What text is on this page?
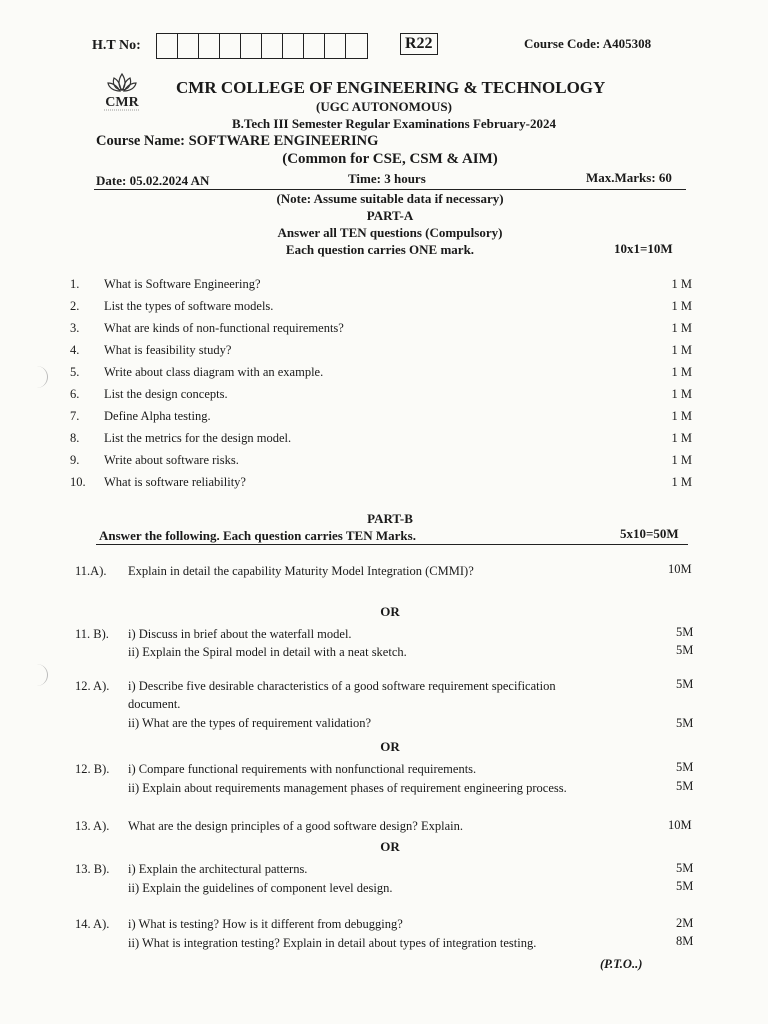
H.T No:	R22	Course Code: A405308
CMR
CMR COLLEGE OF ENGINEERING & TECHNOLOGY
(UGC AUTONOMOUS)
B.Tech III Semester Regular Examinations February-2024
Course Name: SOFTWARE ENGINEERING
(Common for CSE, CSM & AIM)
Date: 05.02.2024 AN	Time: 3 hours	Max.Marks: 60
(Note: Assume suitable data if necessary)
PART-A
Answer all TEN questions (Compulsory)
Each question carries ONE mark.	10x1=10M
1. What is Software Engineering?	1 M
2. List the types of software models.	1 M
3. What are kinds of non-functional requirements?	1 M
4. What is feasibility study?	1 M
5. Write about class diagram with an example.	1 M
6. List the design concepts.	1 M
7. Define Alpha testing.	1 M
8. List the metrics for the design model.	1 M
9. Write about software risks.	1 M
10. What is software reliability?	1 M
PART-B
Answer the following. Each question carries TEN Marks.	5x10=50M
11.A). Explain in detail the capability Maturity Model Integration (CMMI)?	10M
OR
11. B). i) Discuss in brief about the waterfall model.	5M
ii) Explain the Spiral model in detail with a neat sketch.	5M
12. A). i) Describe five desirable characteristics of a good software requirement specification	5M
document.
ii) What are the types of requirement validation?	5M
OR
12. B). i) Compare functional requirements with nonfunctional requirements.	5M
ii) Explain about requirements management phases of requirement engineering process.	5M
13. A). What are the design principles of a good software design? Explain.	10M
OR
13. B). i) Explain the architectural patterns.	5M
ii) Explain the guidelines of component level design.	5M
14. A). i) What is testing? How is it different from debugging?	2M
ii) What is integration testing? Explain in detail about types of integration testing.	8M
(P.T.O..)
